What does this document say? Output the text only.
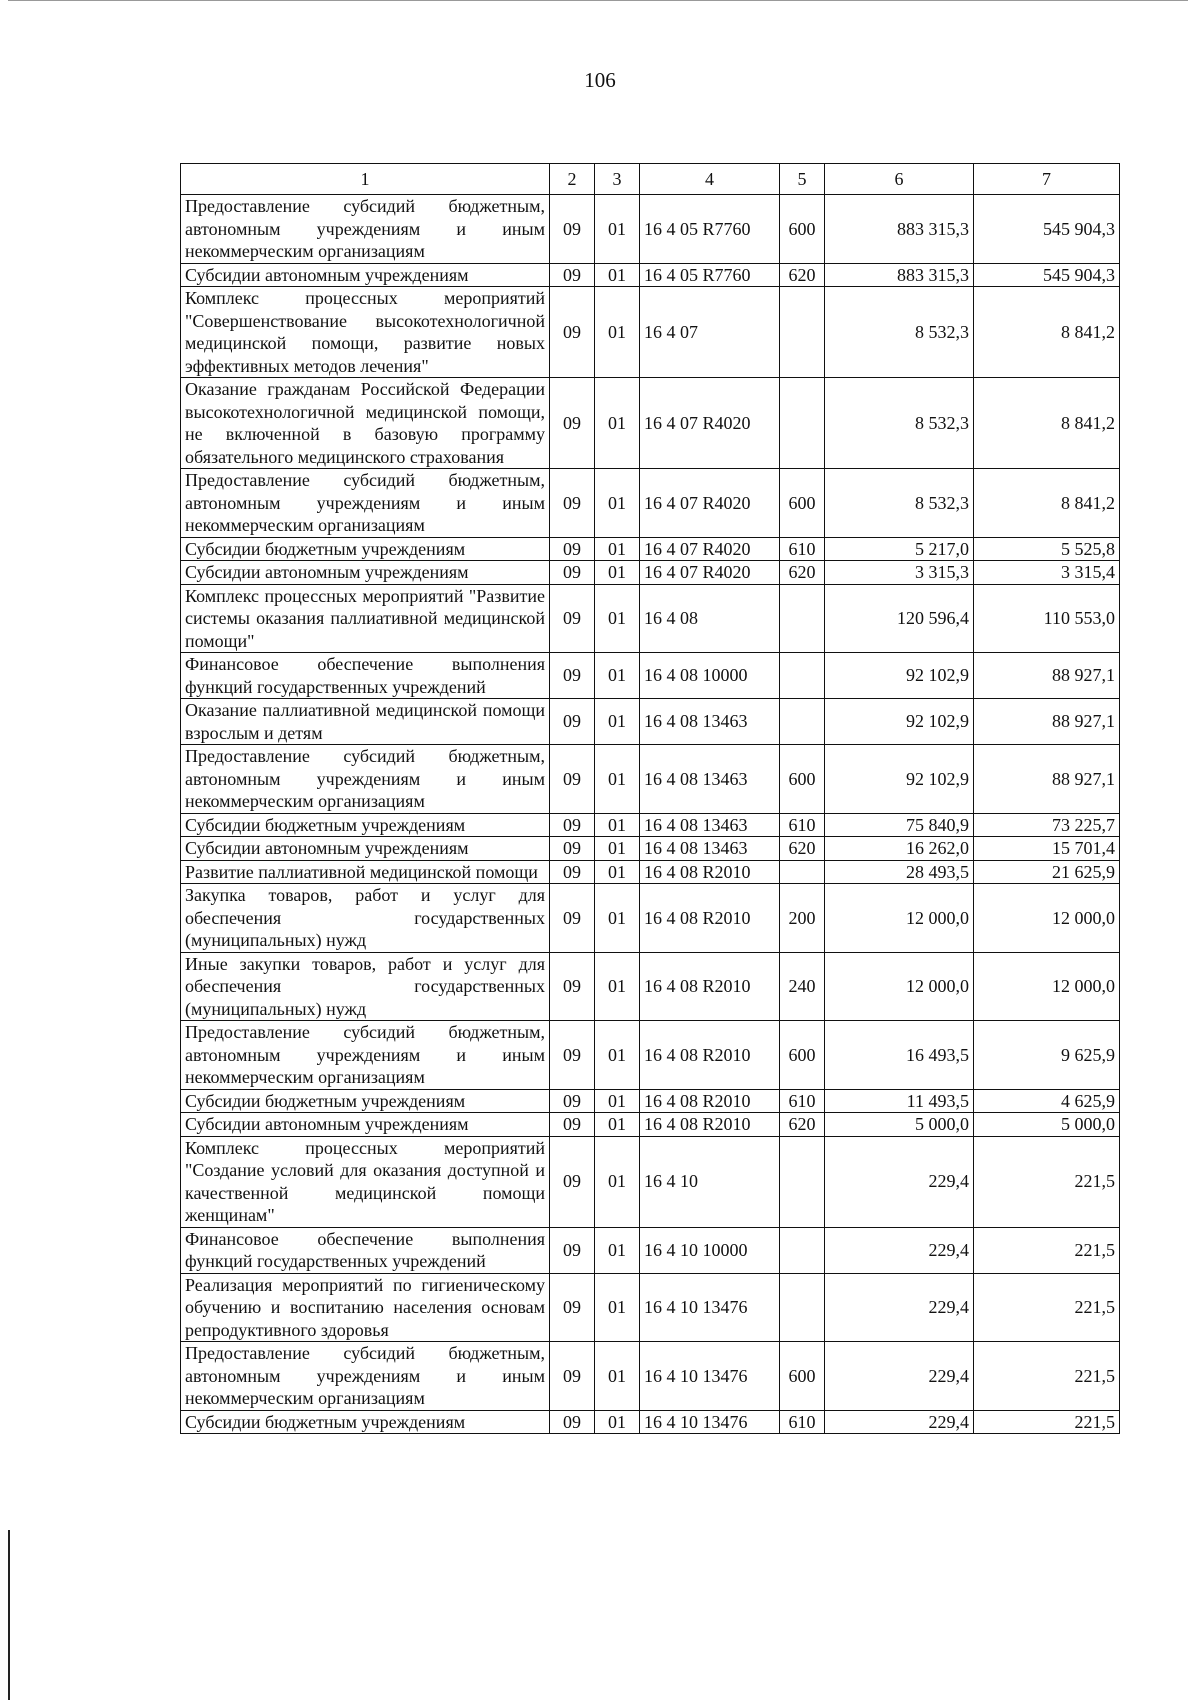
106
1	2	3	4	5	6	7
Предоставление субсидий бюджетным, автономным учреждениям и иным некоммерческим организациям	09	01	16 4 05 R7760	600	883 315,3	545 904,3
Субсидии автономным учреждениям	09	01	16 4 05 R7760	620	883 315,3	545 904,3
Комплекс процессных мероприятий "Совершенствование высокотехнологичной медицинской помощи, развитие новых эффективных методов лечения"	09	01	16 4 07		8 532,3	8 841,2
Оказание гражданам Российской Федерации высокотехнологичной медицинской помощи, не включенной в базовую программу обязательного медицинского страхования	09	01	16 4 07 R4020		8 532,3	8 841,2
Предоставление субсидий бюджетным, автономным учреждениям и иным некоммерческим организациям	09	01	16 4 07 R4020	600	8 532,3	8 841,2
Субсидии бюджетным учреждениям	09	01	16 4 07 R4020	610	5 217,0	5 525,8
Субсидии автономным учреждениям	09	01	16 4 07 R4020	620	3 315,3	3 315,4
Комплекс процессных мероприятий "Развитие системы оказания паллиативной медицинской помощи"	09	01	16 4 08		120 596,4	110 553,0
Финансовое обеспечение выполнения функций государственных учреждений	09	01	16 4 08 10000		92 102,9	88 927,1
Оказание паллиативной медицинской помощи взрослым и детям	09	01	16 4 08 13463		92 102,9	88 927,1
Предоставление субсидий бюджетным, автономным учреждениям и иным некоммерческим организациям	09	01	16 4 08 13463	600	92 102,9	88 927,1
Субсидии бюджетным учреждениям	09	01	16 4 08 13463	610	75 840,9	73 225,7
Субсидии автономным учреждениям	09	01	16 4 08 13463	620	16 262,0	15 701,4
Развитие паллиативной медицинской помощи	09	01	16 4 08 R2010		28 493,5	21 625,9
Закупка товаров, работ и услуг для обеспечения государственных (муниципальных) нужд	09	01	16 4 08 R2010	200	12 000,0	12 000,0
Иные закупки товаров, работ и услуг для обеспечения государственных (муниципальных) нужд	09	01	16 4 08 R2010	240	12 000,0	12 000,0
Предоставление субсидий бюджетным, автономным учреждениям и иным некоммерческим организациям	09	01	16 4 08 R2010	600	16 493,5	9 625,9
Субсидии бюджетным учреждениям	09	01	16 4 08 R2010	610	11 493,5	4 625,9
Субсидии автономным учреждениям	09	01	16 4 08 R2010	620	5 000,0	5 000,0
Комплекс процессных мероприятий "Создание условий для оказания доступной и качественной медицинской помощи женщинам"	09	01	16 4 10		229,4	221,5
Финансовое обеспечение выполнения функций государственных учреждений	09	01	16 4 10 10000		229,4	221,5
Реализация мероприятий по гигиеническому обучению и воспитанию населения основам репродуктивного здоровья	09	01	16 4 10 13476		229,4	221,5
Предоставление субсидий бюджетным, автономным учреждениям и иным некоммерческим организациям	09	01	16 4 10 13476	600	229,4	221,5
Субсидии бюджетным учреждениям	09	01	16 4 10 13476	610	229,4	221,5
